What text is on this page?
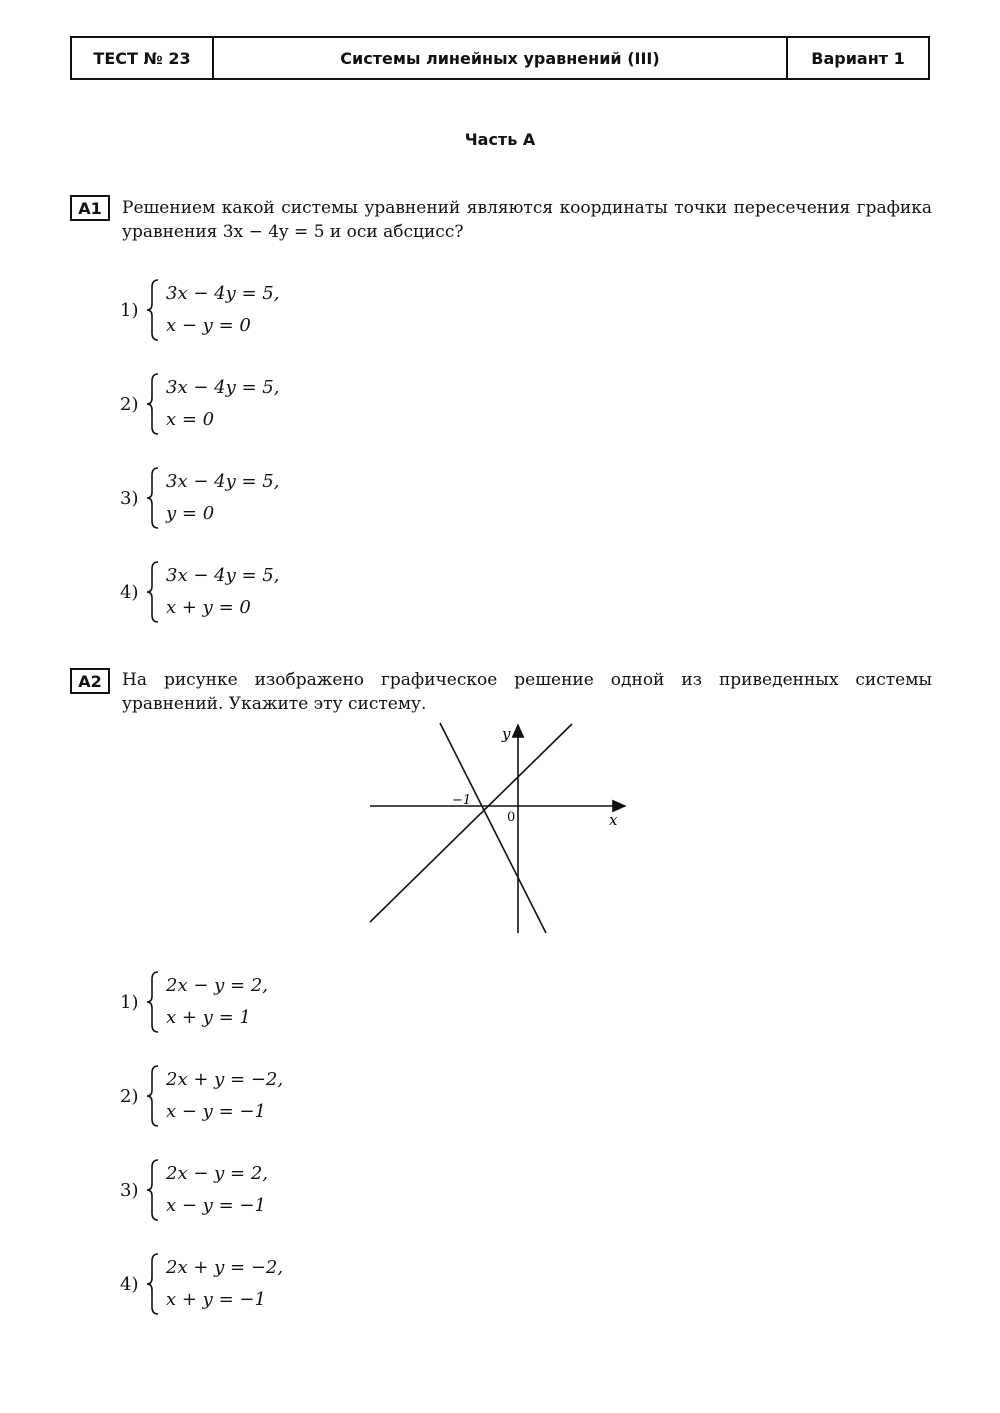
ТЕСТ № 23	Системы линейных уравнений (III)	Вариант 1
Часть А
A1	Решением какой системы уравнений являются координаты точки пересечения графика уравнения 3x − 4y = 5 и оси абсцисс?
1)
3x − 4y = 5,
x − y = 0
2)
3x − 4y = 5,
x = 0
3)
3x − 4y = 5,
y = 0
4)
3x − 4y = 5,
x + y = 0
A2	На рисунке изображено графическое решение одной из приведенных системы уравнений. Укажите эту систему.
−1
0	x
y
1)
2x − y = 2,
x + y = 1
2)
2x + y = −2,
x − y = −1
3)
2x − y = 2,
x − y = −1
4)
2x + y = −2,
x + y = −1
